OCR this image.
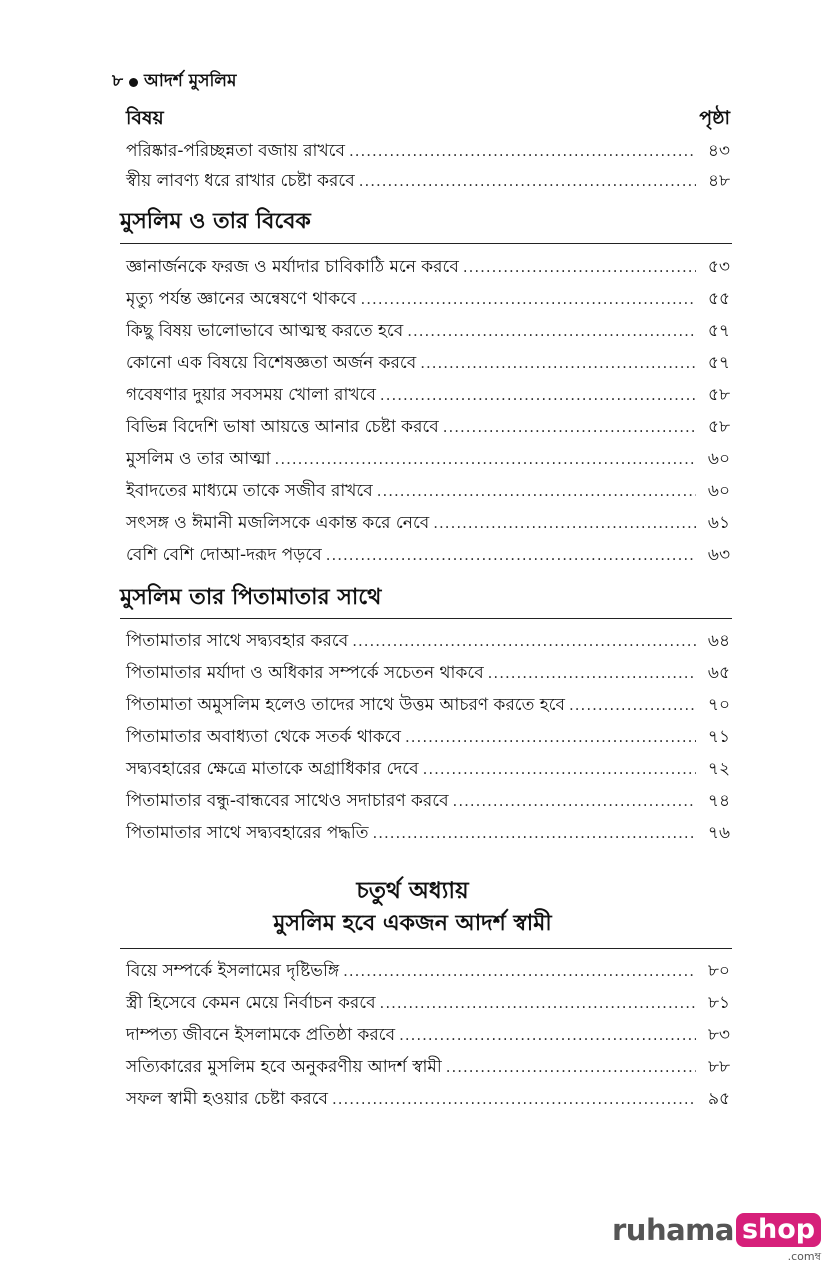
৮ আদর্শ মুসলিম
বিষয়	পৃষ্ঠা
পরিষ্কার-পরিচ্ছন্নতা বজায় রাখবে .....	৪৩
স্বীয় লাবণ্য ধরে রাখার চেষ্টা করবে .....	৪৮
মুসলিম ও তার বিবেক
জ্ঞানার্জনকে ফরজ ও মর্যাদার চাবিকাঠি মনে করবে .....	৫৩
মৃত্যু পর্যন্ত জ্ঞানের অন্বেষণে থাকবে .....	৫৫
কিছু বিষয় ভালোভাবে আত্মস্থ করতে হবে .....	৫৭
কোনো এক বিষয়ে বিশেষজ্ঞতা অর্জন করবে .....	৫৭
গবেষণার দুয়ার সবসময় খোলা রাখবে .....	৫৮
বিভিন্ন বিদেশি ভাষা আয়ত্তে আনার চেষ্টা করবে .....	৫৮
মুসলিম ও তার আত্মা .....	৬০
ইবাদতের মাধ্যমে তাকে সজীব রাখবে .....	৬০
সৎসঙ্গ ও ঈমানী মজলিসকে একান্ত করে নেবে .....	৬১
বেশি বেশি দোআ-দরূদ পড়বে .....	৬৩
মুসলিম তার পিতামাতার সাথে
পিতামাতার সাথে সদ্ব্যবহার করবে .....	৬৪
পিতামাতার মর্যাদা ও অধিকার সম্পর্কে সচেতন থাকবে .....	৬৫
পিতামাতা অমুসলিম হলেও তাদের সাথে উত্তম আচরণ করতে হবে .....	৭০
পিতামাতার অবাধ্যতা থেকে সতর্ক থাকবে .....	৭১
সদ্ব্যবহারের ক্ষেত্রে মাতাকে অগ্রাধিকার দেবে .....	৭২
পিতামাতার বন্ধু-বান্ধবের সাথেও সদাচারণ করবে .....	৭৪
পিতামাতার সাথে সদ্ব্যবহারের পদ্ধতি .....	৭৬
চতুর্থ অধ্যায়
মুসলিম হবে একজন আদর্শ স্বামী
বিয়ে সম্পর্কে ইসলামের দৃষ্টিভঙ্গি .....	৮০
স্ত্রী হিসেবে কেমন মেয়ে নির্বাচন করবে .....	৮১
দাম্পত্য জীবনে ইসলামকে প্রতিষ্ঠা করবে .....	৮৩
সত্যিকারের মুসলিম হবে অনুকরণীয় আদর্শ স্বামী .....	৮৮
সফল স্বামী হওয়ার চেষ্টা করবে .....	৯৫
ruhama shop
.comম্ব
